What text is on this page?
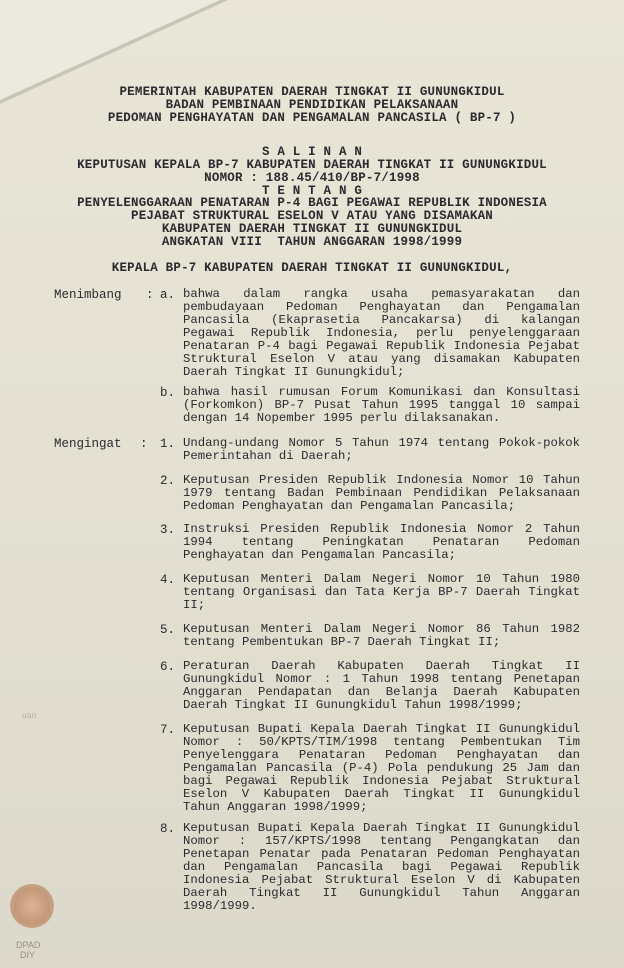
PEMERINTAH KABUPATEN DAERAH TINGKAT II GUNUNGKIDUL
BADAN PEMBINAAN PENDIDIKAN PELAKSANAAN
PEDOMAN PENGHAYATAN DAN PENGAMALAN PANCASILA ( BP-7 )
S A L I N A N
KEPUTUSAN KEPALA BP-7 KABUPATEN DAERAH TINGKAT II GUNUNGKIDUL
NOMOR : 188.45/410/BP-7/1998
T E N T A N G
PENYELENGGARAAN PENATARAN P-4 BAGI PEGAWAI REPUBLIK INDONESIA
PEJABAT STRUKTURAL ESELON V ATAU YANG DISAMAKAN
KABUPATEN DAERAH TINGKAT II GUNUNGKIDUL
ANGKATAN VIII  TAHUN ANGGARAN 1998/1999
KEPALA BP-7 KABUPATEN DAERAH TINGKAT II GUNUNGKIDUL,
Menimbang : a. bahwa dalam rangka usaha pemasyarakatan dan pembudayaan Pedoman Penghayatan dan Pengamalan Pancasila (Ekaprasetia Pancakarsa) di kalangan Pegawai Republik Indonesia, perlu penyelenggaraan Penataran P-4 bagi Pegawai Republik Indonesia Pejabat Struktural Eselon V atau yang disamakan Kabupaten Daerah Tingkat II Gunungkidul;
b. bahwa hasil rumusan Forum Komunikasi dan Konsultasi (Forkomkon) BP-7 Pusat Tahun 1995 tanggal 10 sampai dengan 14 Nopember 1995 perlu dilaksanakan.
Mengingat : 1. Undang-undang Nomor 5 Tahun 1974 tentang Pokok-pokok Pemerintahan di Daerah;
2. Keputusan Presiden Republik Indonesia Nomor 10 Tahun 1979 tentang Badan Pembinaan Pendidikan Pelaksanaan Pedoman Penghayatan dan Pengamalan Pancasila;
3. Instruksi Presiden Republik Indonesia Nomor 2 Tahun 1994 tentang Peningkatan Penataran Pedoman Penghayatan dan Pengamalan Pancasila;
4. Keputusan Menteri Dalam Negeri Nomor 10 Tahun 1980 tentang Organisasi dan Tata Kerja BP-7 Daerah Tingkat II;
5. Keputusan Menteri Dalam Negeri Nomor 86 Tahun 1982 tentang Pembentukan BP-7 Daerah Tingkat II;
6. Peraturan Daerah Kabupaten Daerah Tingkat II Gunungkidul Nomor : 1 Tahun 1998 tentang Penetapan Anggaran Pendapatan dan Belanja Daerah Kabupaten Daerah Tingkat II Gunungkidul Tahun 1998/1999;
7. Keputusan Bupati Kepala Daerah Tingkat II Gunungkidul Nomor : 50/KPTS/TIM/1998 tentang Pembentukan Tim Penyelenggara Penataran Pedoman Penghayatan dan Pengamalan Pancasila (P-4) Pola pendukung 25 Jam dan bagi Pegawai Republik Indonesia Pejabat Struktural Eselon V Kabupaten Daerah Tingkat II Gunungkidul Tahun Anggaran 1998/1999;
8. Keputusan Bupati Kepala Daerah Tingkat II Gunungkidul Nomor : 157/KPTS/1998 tentang Pengangkatan dan Penetapan Penatar pada Penataran Pedoman Penghayatan dan Pengamalan Pancasila bagi Pegawai Republik Indonesia Pejabat Struktural Eselon V di Kabupaten Daerah Tingkat II Gunungkidul Tahun Anggaran 1998/1999.
uan
DPAD
DIY
